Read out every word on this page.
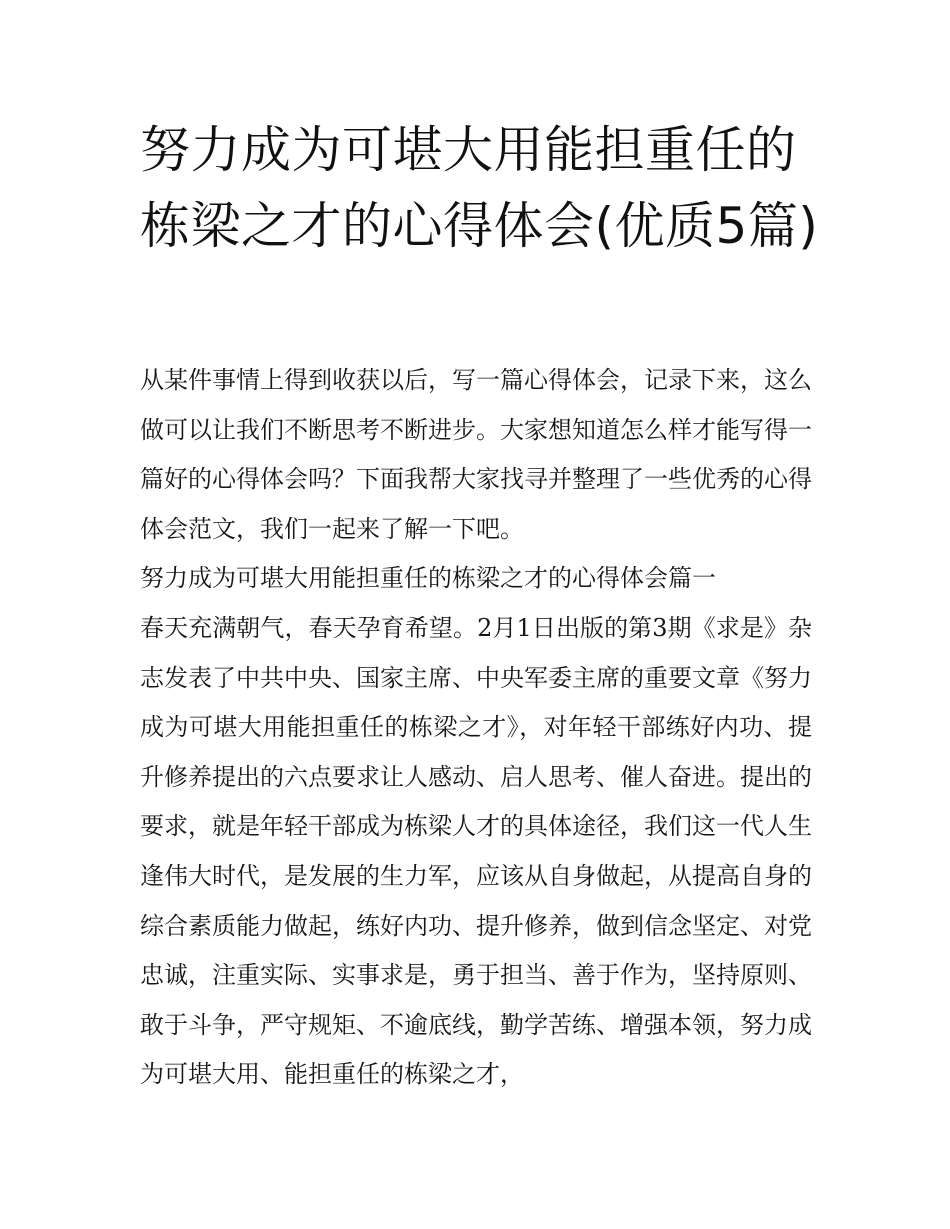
努力成为可堪大用能担重任的栋梁之才的心得体会(优质5篇)

从某件事情上得到收获以后，写一篇心得体会，记录下来，这么做可以让我们不断思考不断进步。大家想知道怎么样才能写得一篇好的心得体会吗？下面我帮大家找寻并整理了一些优秀的心得体会范文，我们一起来了解一下吧。

努力成为可堪大用能担重任的栋梁之才的心得体会篇一

春天充满朝气，春天孕育希望。2月1日出版的第3期《求是》杂志发表了中共中央、国家主席、中央军委主席的重要文章《努力成为可堪大用能担重任的栋梁之才》，对年轻干部练好内功、提升修养提出的六点要求让人感动、启人思考、催人奋进。提出的要求，就是年轻干部成为栋梁人才的具体途径，我们这一代人生逢伟大时代，是发展的生力军，应该从自身做起，从提高自身的综合素质能力做起，练好内功、提升修养，做到信念坚定、对党忠诚，注重实际、实事求是，勇于担当、善于作为，坚持原则、敢于斗争，严守规矩、不逾底线，勤学苦练、增强本领，努力成为可堪大用、能担重任的栋梁之才，
